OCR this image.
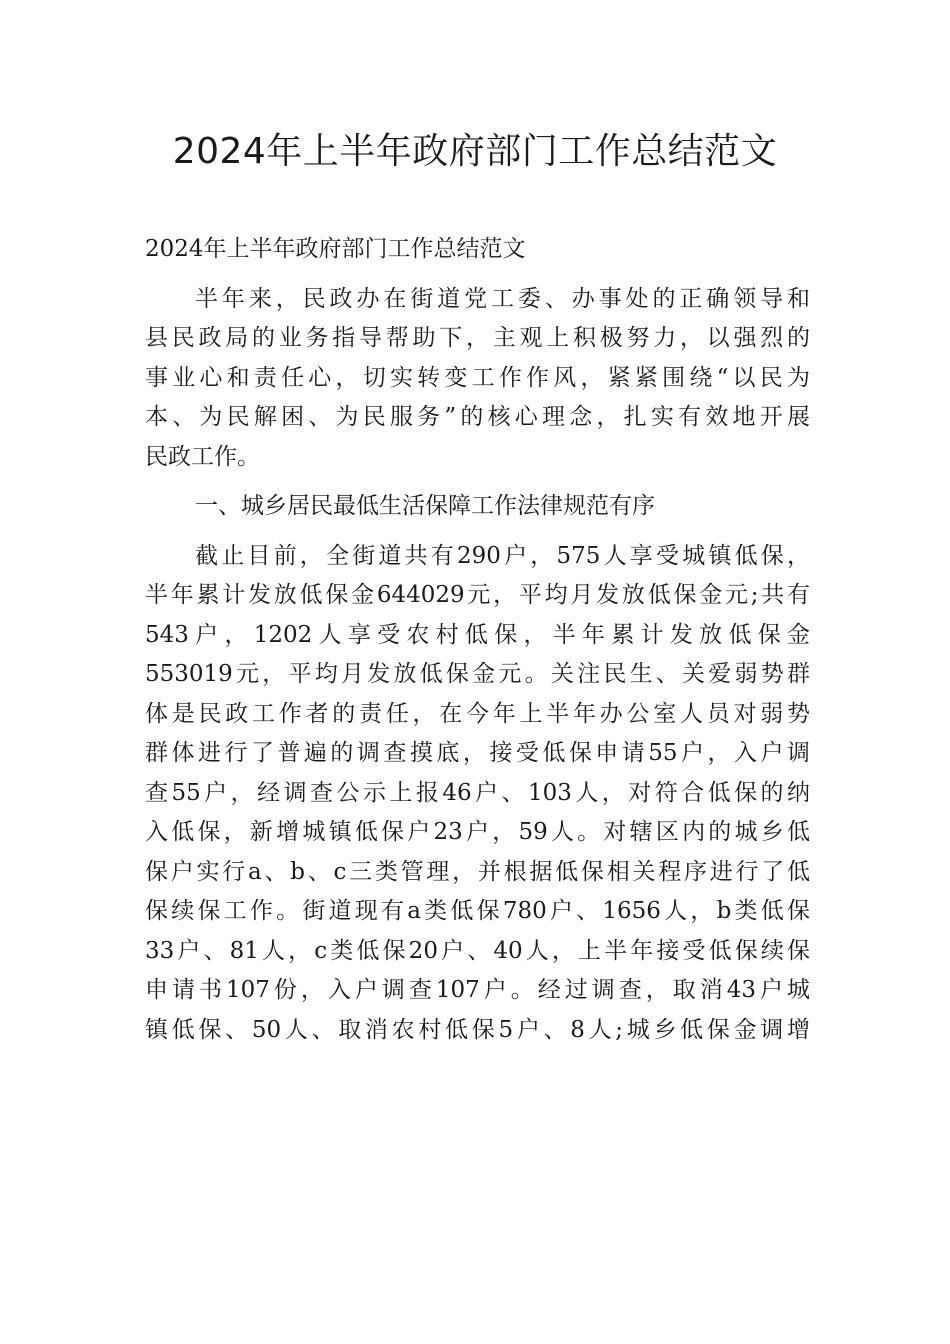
2024年上半年政府部门工作总结范文
2024年上半年政府部门工作总结范文
半年来，民政办在街道党工委、办事处的正确领导和
县民政局的业务指导帮助下，主观上积极努力，以强烈的
事业心和责任心，切实转变工作作风，紧紧围绕“以民为
本、为民解困、为民服务”的核心理念，扎实有效地开展
民政工作。
一、城乡居民最低生活保障工作法律规范有序
截止目前，全街道共有290户，575人享受城镇低保，
半年累计发放低保金644029元，平均月发放低保金元;共有
543户，1202人享受农村低保，半年累计发放低保金
553019元，平均月发放低保金元。关注民生、关爱弱势群
体是民政工作者的责任，在今年上半年办公室人员对弱势
群体进行了普遍的调查摸底，接受低保申请55户，入户调
查55户，经调查公示上报46户、103人，对符合低保的纳
入低保，新增城镇低保户23户，59人。对辖区内的城乡低
保户实行a、b、c三类管理，并根据低保相关程序进行了低
保续保工作。街道现有a类低保780户、1656人，b类低保
33户、81人，c类低保20户、40人，上半年接受低保续保
申请书107份，入户调查107户。经过调查，取消43户城
镇低保、50人、取消农村低保5户、8人;城乡低保金调增
